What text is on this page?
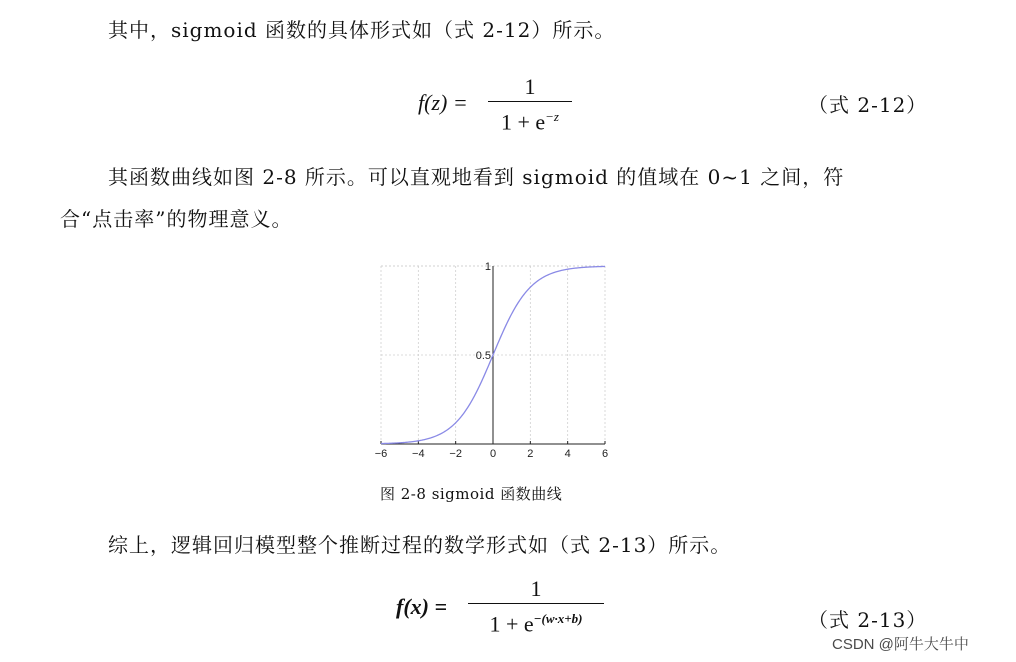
其中，sigmoid 函数的具体形式如（式 2-12）所示。
f(z) =
1
$1 + e^{-z}$	（式 2-12）
其函数曲线如图 2-8 所示。可以直观地看到 sigmoid 的值域在 0~1 之间，符
合“点击率”的物理意义。
−6 −4 −2	0	2	4	6
0.5
1
图 2-8 sigmoid 函数曲线
综上，逻辑回归模型整个推断过程的数学形式如（式 2-13）所示。
f(x) =
1
$1 + e^{-(w\cdot x+b)}$	（式 2-13）
CSDN @阿牛大牛中
